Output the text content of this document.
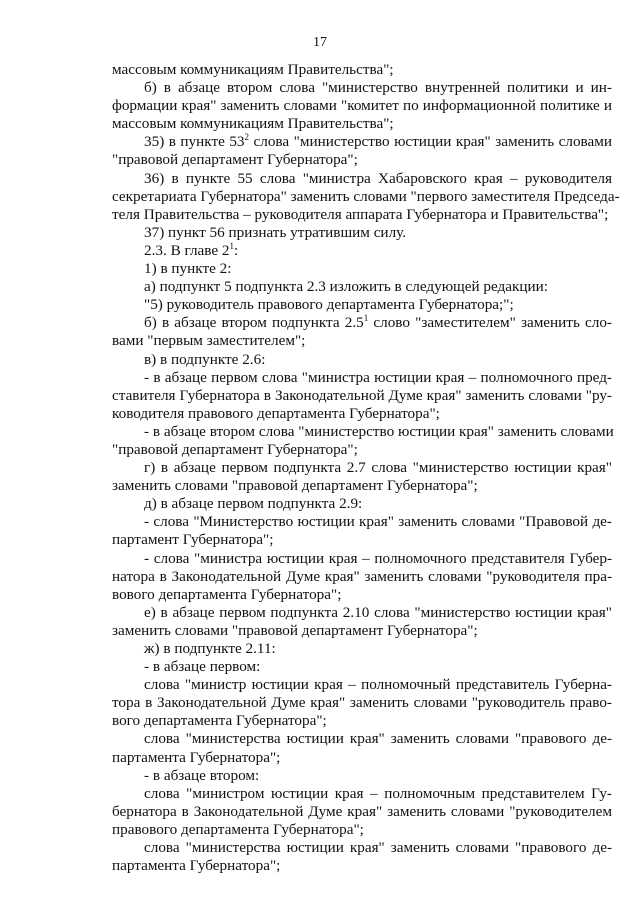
17
массовым коммуникациям Правительства";
б) в абзаце втором слова "министерство внутренней политики и ин-
формации края" заменить словами "комитет по информационной политике и
массовым коммуникациям Правительства";
35) в пункте $53^2$ слова "министерство юстиции края" заменить словами
"правовой департамент Губернатора";
36) в пункте 55 слова "министра Хабаровского края – руководителя
секретариата Губернатора" заменить словами "первого заместителя Председа-
теля Правительства – руководителя аппарата Губернатора и Правительства";
37) пункт 56 признать утратившим силу.
2.3. В главе $2^1$:
1) в пункте 2:
а) подпункт 5 подпункта 2.3 изложить в следующей редакции:
"5) руководитель правового департамента Губернатора;";
б) в абзаце втором подпункта $2.5^1$ слово "заместителем" заменить сло-
вами "первым заместителем";
в) в подпункте 2.6:
- в абзаце первом слова "министра юстиции края – полномочного пред-
ставителя Губернатора в Законодательной Думе края" заменить словами "ру-
ководителя правового департамента Губернатора";
- в абзаце втором слова "министерство юстиции края" заменить словами
"правовой департамент Губернатора";
г) в абзаце первом подпункта 2.7 слова "министерство юстиции края"
заменить словами "правовой департамент Губернатора";
д) в абзаце первом подпункта 2.9:
- слова "Министерство юстиции края" заменить словами "Правовой де-
партамент Губернатора";
- слова "министра юстиции края – полномочного представителя Губер-
натора в Законодательной Думе края" заменить словами "руководителя пра-
вового департамента Губернатора";
е) в абзаце первом подпункта 2.10 слова "министерство юстиции края"
заменить словами "правовой департамент Губернатора";
ж) в подпункте 2.11:
- в абзаце первом:
слова "министр юстиции края – полномочный представитель Губерна-
тора в Законодательной Думе края" заменить словами "руководитель право-
вого департамента Губернатора";
слова "министерства юстиции края" заменить словами "правового де-
партамента Губернатора";
- в абзаце втором:
слова "министром юстиции края – полномочным представителем Гу-
бернатора в Законодательной Думе края" заменить словами "руководителем
правового департамента Губернатора";
слова "министерства юстиции края" заменить словами "правового де-
партамента Губернатора";
